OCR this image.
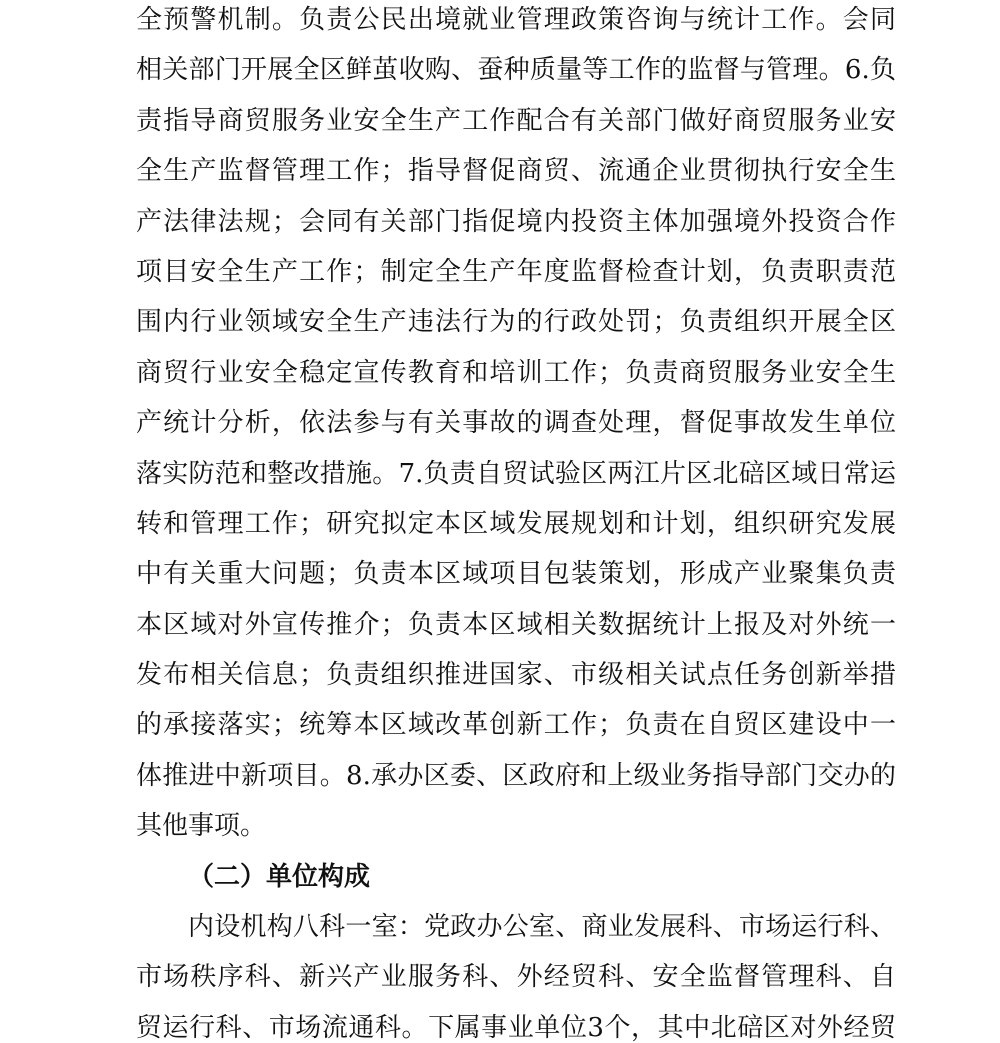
全预警机制。负责公民出境就业管理政策咨询与统计工作。会同
相关部门开展全区鲜茧收购、蚕种质量等工作的监督与管理。6.负
责指导商贸服务业安全生产工作配合有关部门做好商贸服务业安
全生产监督管理工作；指导督促商贸、流通企业贯彻执行安全生
产法律法规；会同有关部门指促境内投资主体加强境外投资合作
项目安全生产工作；制定全生产年度监督检查计划，负责职责范
围内行业领域安全生产违法行为的行政处罚；负责组织开展全区
商贸行业安全稳定宣传教育和培训工作；负责商贸服务业安全生
产统计分析，依法参与有关事故的调查处理，督促事故发生单位
落实防范和整改措施。7.负责自贸试验区两江片区北碚区域日常运
转和管理工作；研究拟定本区域发展规划和计划，组织研究发展
中有关重大问题；负责本区域项目包装策划，形成产业聚集负责
本区域对外宣传推介；负责本区域相关数据统计上报及对外统一
发布相关信息；负责组织推进国家、市级相关试点任务创新举措
的承接落实；统筹本区域改革创新工作；负责在自贸区建设中一
体推进中新项目。8.承办区委、区政府和上级业务指导部门交办的
其他事项。
（二）单位构成
内设机构八科一室：党政办公室、商业发展科、市场运行科、
市场秩序科、新兴产业服务科、外经贸科、安全监督管理科、自
贸运行科、市场流通科。下属事业单位3个，其中北碚区对外经贸
